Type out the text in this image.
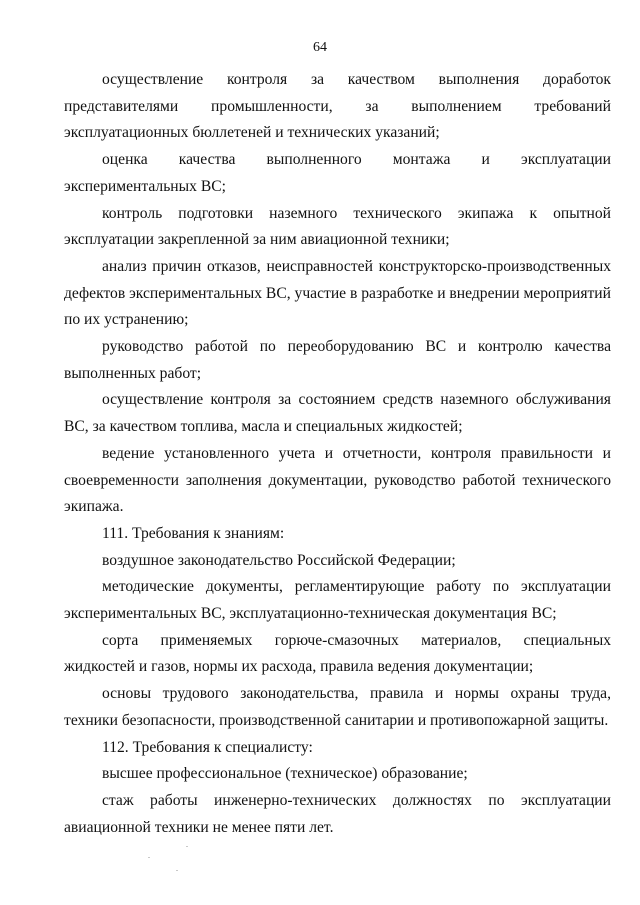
64

осуществление контроля за качеством выполнения доработок представителями промышленности, за выполнением требований эксплуатационных бюллетеней и технических указаний;

оценка качества выполненного монтажа и эксплуатации экспериментальных ВС;

контроль подготовки наземного технического экипажа к опытной эксплуатации закрепленной за ним авиационной техники;

анализ причин отказов, неисправностей конструкторско-производственных дефектов экспериментальных ВС, участие в разработке и внедрении мероприятий по их устранению;

руководство работой по переоборудованию ВС и контролю качества выполненных работ;

осуществление контроля за состоянием средств наземного обслуживания ВС, за качеством топлива, масла и специальных жидкостей;

ведение установленного учета и отчетности, контроля правильности и своевременности заполнения документации, руководство работой технического экипажа.

111. Требования к знаниям:

воздушное законодательство Российской Федерации;

методические документы, регламентирующие работу по эксплуатации экспериментальных ВС, эксплуатационно-техническая документация ВС;

сорта применяемых горюче-смазочных материалов, специальных жидкостей и газов, нормы их расхода, правила ведения документации;

основы трудового законодательства, правила и нормы охраны труда, техники безопасности, производственной санитарии и противопожарной защиты.

112. Требования к специалисту:

высшее профессиональное (техническое) образование;

стаж работы инженерно-технических должностях по эксплуатации авиационной техники не менее пяти лет.
